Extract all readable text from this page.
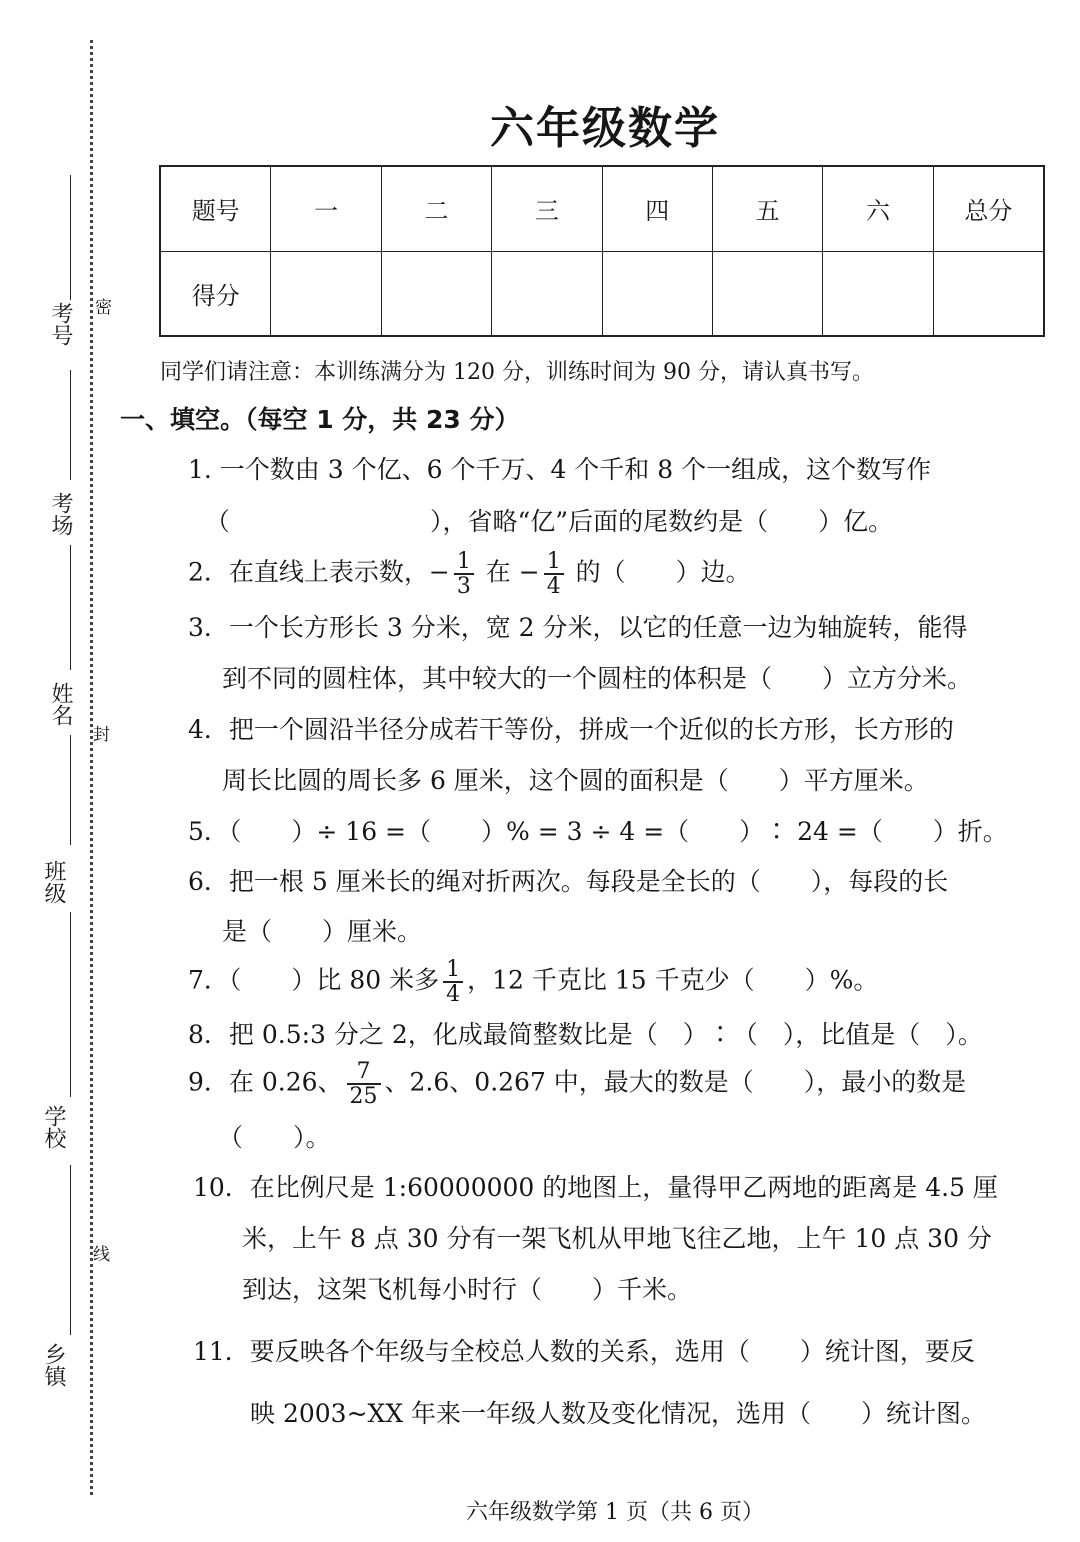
考号
考场
姓名
班级
学校
乡镇
密
封
线
六年级数学
题号	一	二	三	四	五	六	总分
得分							
同学们请注意：本训练满分为 120 分，训练时间为 90 分，请认真书写。
一、填空。（每空 1 分，共 23 分）
1. 一个数由 3 个亿、6 个千万、4 个千和 8 个一组成，这个数写作
（　　　　　　　　），省略“亿”后面的尾数约是（　　）亿。
2．在直线上表示数，− $\frac{1}{3}$ 在 − $\frac{1}{4}$ 的（　　）边。
3．一个长方形长 3 分米，宽 2 分米，以它的任意一边为轴旋转，能得
到不同的圆柱体，其中较大的一个圆柱的体积是（　　）立方分米。
4．把一个圆沿半径分成若干等份，拼成一个近似的长方形，长方形的
周长比圆的周长多 6 厘米，这个圆的面积是（　　）平方厘米。
5．（　　）÷ 16 =（　　）% = 3 ÷ 4 =（　　）∶ 24 =（　　）折。
6．把一根 5 厘米长的绳对折两次。每段是全长的（　　），每段的长
是（　　）厘米。
7．（　　）比 80 米多 $\frac{1}{4}$ ，12 千克比 15 千克少（　　）%。
8．把 0.5:3 分之 2，化成最简整数比是（　）∶（　），比值是（　）。
9．在 0.26、 $\frac{7}{25}$ 、2.6、0.267 中，最大的数是（　　），最小的数是
（　　）。
10．在比例尺是 1:60000000 的地图上，量得甲乙两地的距离是 4.5 厘
米，上午 8 点 30 分有一架飞机从甲地飞往乙地，上午 10 点 30 分
到达，这架飞机每小时行（　　）千米。
11．要反映各个年级与全校总人数的关系，选用（　　）统计图，要反
映 2003~XX 年来一年级人数及变化情况，选用（　　）统计图。
六年级数学第 1 页（共 6 页）
